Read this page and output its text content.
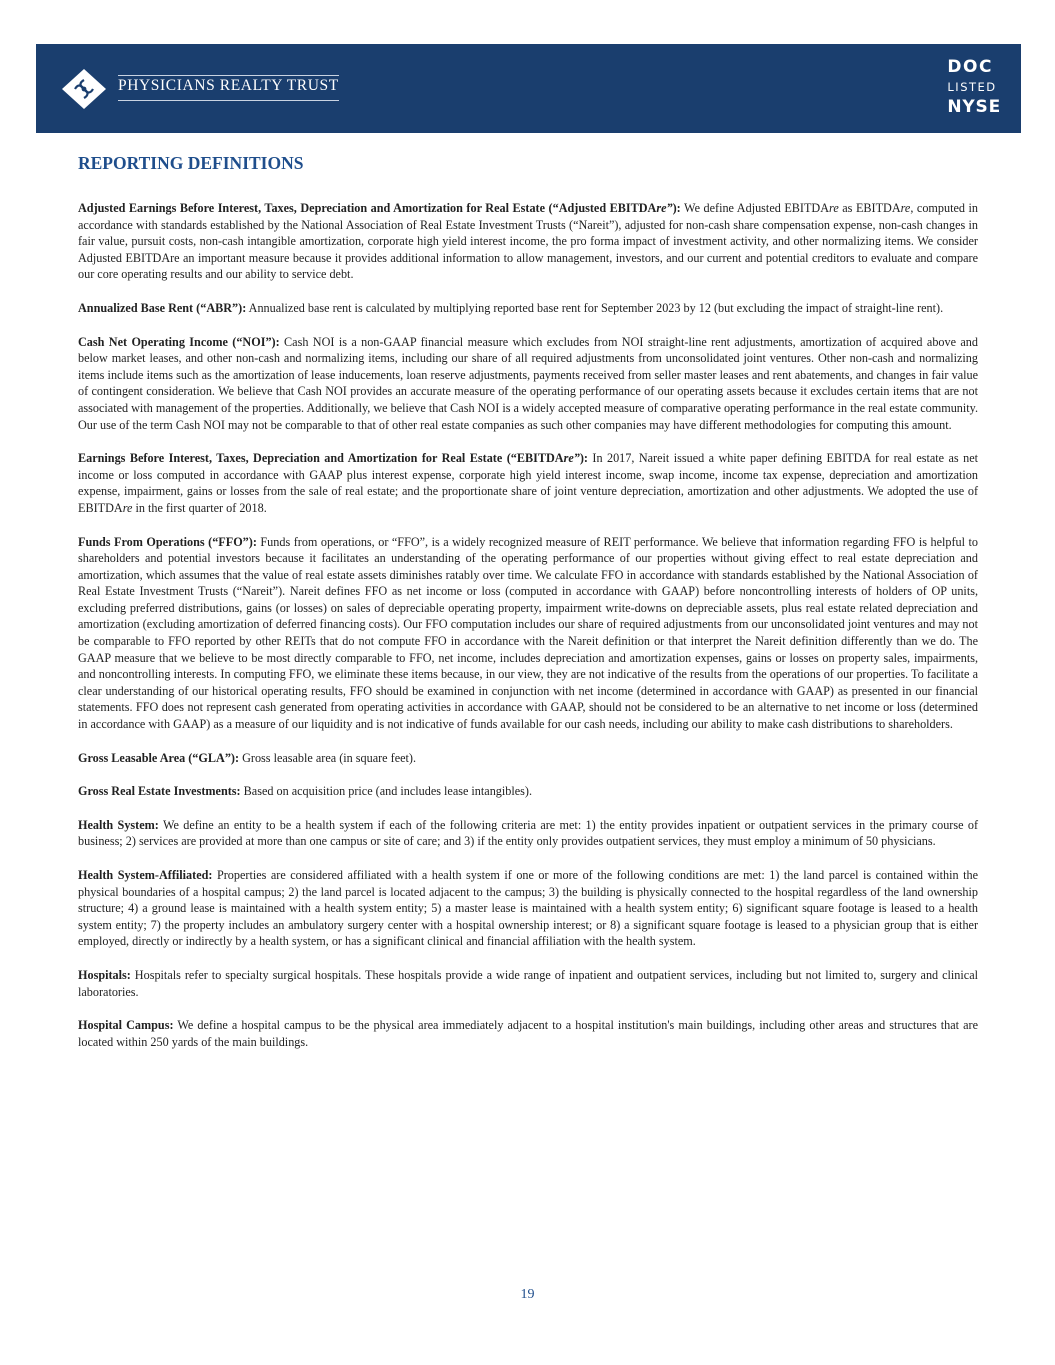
PHYSICIANS REALTY TRUST
DOC
LISTED
NYSE
REPORTING DEFINITIONS

Adjusted Earnings Before Interest, Taxes, Depreciation and Amortization for Real Estate (“Adjusted EBITDAre”): We define Adjusted EBITDAre as EBITDAre, computed in accordance with standards established by the National Association of Real Estate Investment Trusts (“Nareit”), adjusted for non-cash share compensation expense, non-cash changes in fair value, pursuit costs, non-cash intangible amortization, corporate high yield interest income, the pro forma impact of investment activity, and other normalizing items. We consider Adjusted EBITDAre an important measure because it provides additional information to allow management, investors, and our current and potential creditors to evaluate and compare our core operating results and our ability to service debt.

Annualized Base Rent (“ABR”): Annualized base rent is calculated by multiplying reported base rent for September 2023 by 12 (but excluding the impact of straight-line rent).

Cash Net Operating Income (“NOI”): Cash NOI is a non-GAAP financial measure which excludes from NOI straight-line rent adjustments, amortization of acquired above and below market leases, and other non-cash and normalizing items, including our share of all required adjustments from unconsolidated joint ventures. Other non-cash and normalizing items include items such as the amortization of lease inducements, loan reserve adjustments, payments received from seller master leases and rent abatements, and changes in fair value of contingent consideration. We believe that Cash NOI provides an accurate measure of the operating performance of our operating assets because it excludes certain items that are not associated with management of the properties. Additionally, we believe that Cash NOI is a widely accepted measure of comparative operating performance in the real estate community. Our use of the term Cash NOI may not be comparable to that of other real estate companies as such other companies may have different methodologies for computing this amount.

Earnings Before Interest, Taxes, Depreciation and Amortization for Real Estate (“EBITDAre”): In 2017, Nareit issued a white paper defining EBITDA for real estate as net income or loss computed in accordance with GAAP plus interest expense, corporate high yield interest income, swap income, income tax expense, depreciation and amortization expense, impairment, gains or losses from the sale of real estate; and the proportionate share of joint venture depreciation, amortization and other adjustments. We adopted the use of EBITDAre in the first quarter of 2018.

Funds From Operations (“FFO”): Funds from operations, or “FFO”, is a widely recognized measure of REIT performance. We believe that information regarding FFO is helpful to shareholders and potential investors because it facilitates an understanding of the operating performance of our properties without giving effect to real estate depreciation and amortization, which assumes that the value of real estate assets diminishes ratably over time. We calculate FFO in accordance with standards established by the National Association of Real Estate Investment Trusts (“Nareit”). Nareit defines FFO as net income or loss (computed in accordance with GAAP) before noncontrolling interests of holders of OP units, excluding preferred distributions, gains (or losses) on sales of depreciable operating property, impairment write-downs on depreciable assets, plus real estate related depreciation and amortization (excluding amortization of deferred financing costs). Our FFO computation includes our share of required adjustments from our unconsolidated joint ventures and may not be comparable to FFO reported by other REITs that do not compute FFO in accordance with the Nareit definition or that interpret the Nareit definition differently than we do. The GAAP measure that we believe to be most directly comparable to FFO, net income, includes depreciation and amortization expenses, gains or losses on property sales, impairments, and noncontrolling interests. In computing FFO, we eliminate these items because, in our view, they are not indicative of the results from the operations of our properties. To facilitate a clear understanding of our historical operating results, FFO should be examined in conjunction with net income (determined in accordance with GAAP) as presented in our financial statements. FFO does not represent cash generated from operating activities in accordance with GAAP, should not be considered to be an alternative to net income or loss (determined in accordance with GAAP) as a measure of our liquidity and is not indicative of funds available for our cash needs, including our ability to make cash distributions to shareholders.

Gross Leasable Area (“GLA”): Gross leasable area (in square feet).

Gross Real Estate Investments: Based on acquisition price (and includes lease intangibles).

Health System: We define an entity to be a health system if each of the following criteria are met: 1) the entity provides inpatient or outpatient services in the primary course of business; 2) services are provided at more than one campus or site of care; and 3) if the entity only provides outpatient services, they must employ a minimum of 50 physicians.

Health System-Affiliated: Properties are considered affiliated with a health system if one or more of the following conditions are met: 1) the land parcel is contained within the physical boundaries of a hospital campus; 2) the land parcel is located adjacent to the campus; 3) the building is physically connected to the hospital regardless of the land ownership structure; 4) a ground lease is maintained with a health system entity; 5) a master lease is maintained with a health system entity; 6) significant square footage is leased to a health system entity; 7) the property includes an ambulatory surgery center with a hospital ownership interest; or 8) a significant square footage is leased to a physician group that is either employed, directly or indirectly by a health system, or has a significant clinical and financial affiliation with the health system.

Hospitals: Hospitals refer to specialty surgical hospitals. These hospitals provide a wide range of inpatient and outpatient services, including but not limited to, surgery and clinical laboratories.

Hospital Campus: We define a hospital campus to be the physical area immediately adjacent to a hospital institution's main buildings, including other areas and structures that are located within 250 yards of the main buildings.

19
